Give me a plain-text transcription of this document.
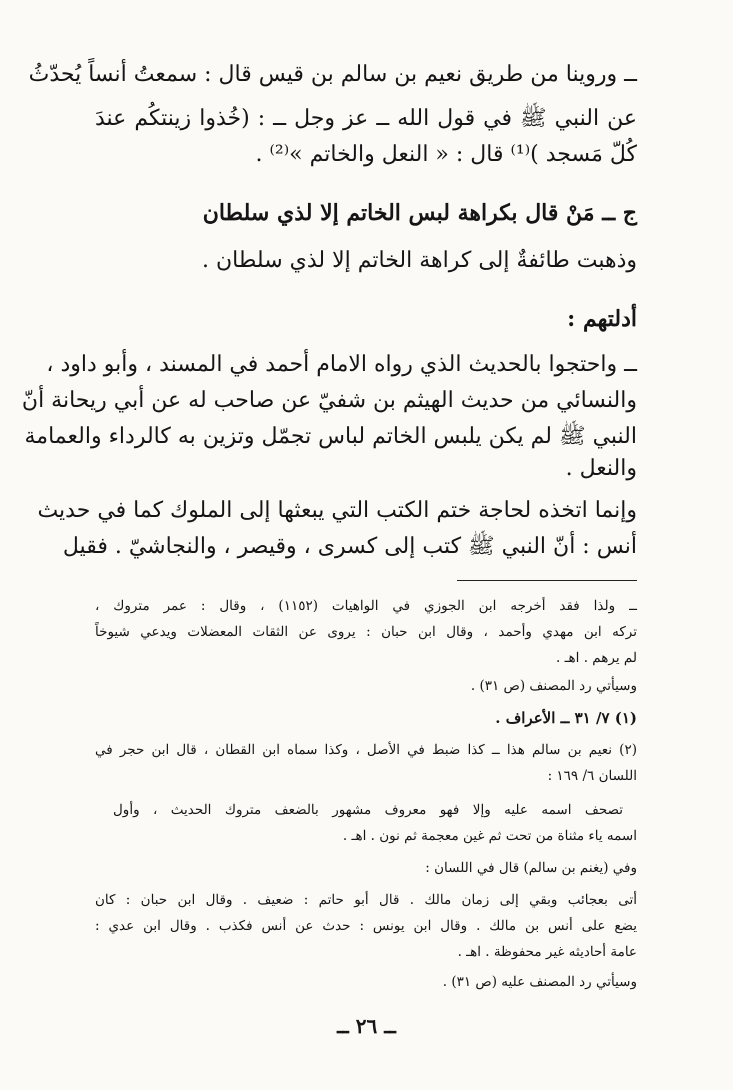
ــ وروينا من طريق نعيم بن سالم بن قيس قال : سمعتُ أنساً يُحدّثُ
عن النبي ﷺ في قول الله ــ عز وجل ــ : (خُذوا زينتكُم عندَ
كُلّ مَسجد )⁽¹⁾ قال : « النعل والخاتم »⁽²⁾ .
ج ــ مَنْ قال بكراهة لبس الخاتم إلا لذي سلطان
وذهبت طائفةٌ إلى كراهة الخاتم إلا لذي سلطان .
أدلتهم :
ــ واحتجوا بالحديث الذي رواه الامام أحمد في المسند ، وأبو داود ،
والنسائي من حديث الهيثم بن شفيّ عن صاحب له عن أبي ريحانة أنّ
النبي ﷺ لم يكن يلبس الخاتم لباس تجمّل وتزين به كالرداء والعمامة
والنعل .
وإنما اتخذه لحاجة ختم الكتب التي يبعثها إلى الملوك كما في حديث
أنس : أنّ النبي ﷺ كتب إلى كسرى ، وقيصر ، والنجاشيّ . فقيل
ــ ولذا فقد أخرجه ابن الجوزي في الواهيات (١١٥٢) ، وقال : عمر متروك ،
تركه ابن مهدي وأحمد ، وقال ابن حبان : يروى عن الثقات المعضلات ويدعي شيوخاً
لم يرهم . اهـ .
وسيأتي رد المصنف (ص ٣١) .
(١) ٧/ ٣١ ــ الأعراف .
(٢) نعيم بن سالم هذا ــ كذا ضبط في الأصل ، وكذا سماه ابن القطان ، قال ابن حجر في
اللسان ٦/ ١٦٩ :
تصحف اسمه عليه وإلا فهو معروف مشهور بالضعف متروك الحديث ، وأول
اسمه ياء مثناة من تحت ثم غين معجمة ثم نون . اهـ .
وفي (يغنم بن سالم) قال في اللسان :
أتى بعجائب وبقي إلى زمان مالك . قال أبو حاتم : ضعيف . وقال ابن حبان : كان
يضع على أنس بن مالك . وقال ابن يونس : حدث عن أنس فكذب . وقال ابن عدي :
عامة أحاديثه غير محفوظة . اهـ .
وسيأتي رد المصنف عليه (ص ٣١) .
ــ ٢٦ ــ
